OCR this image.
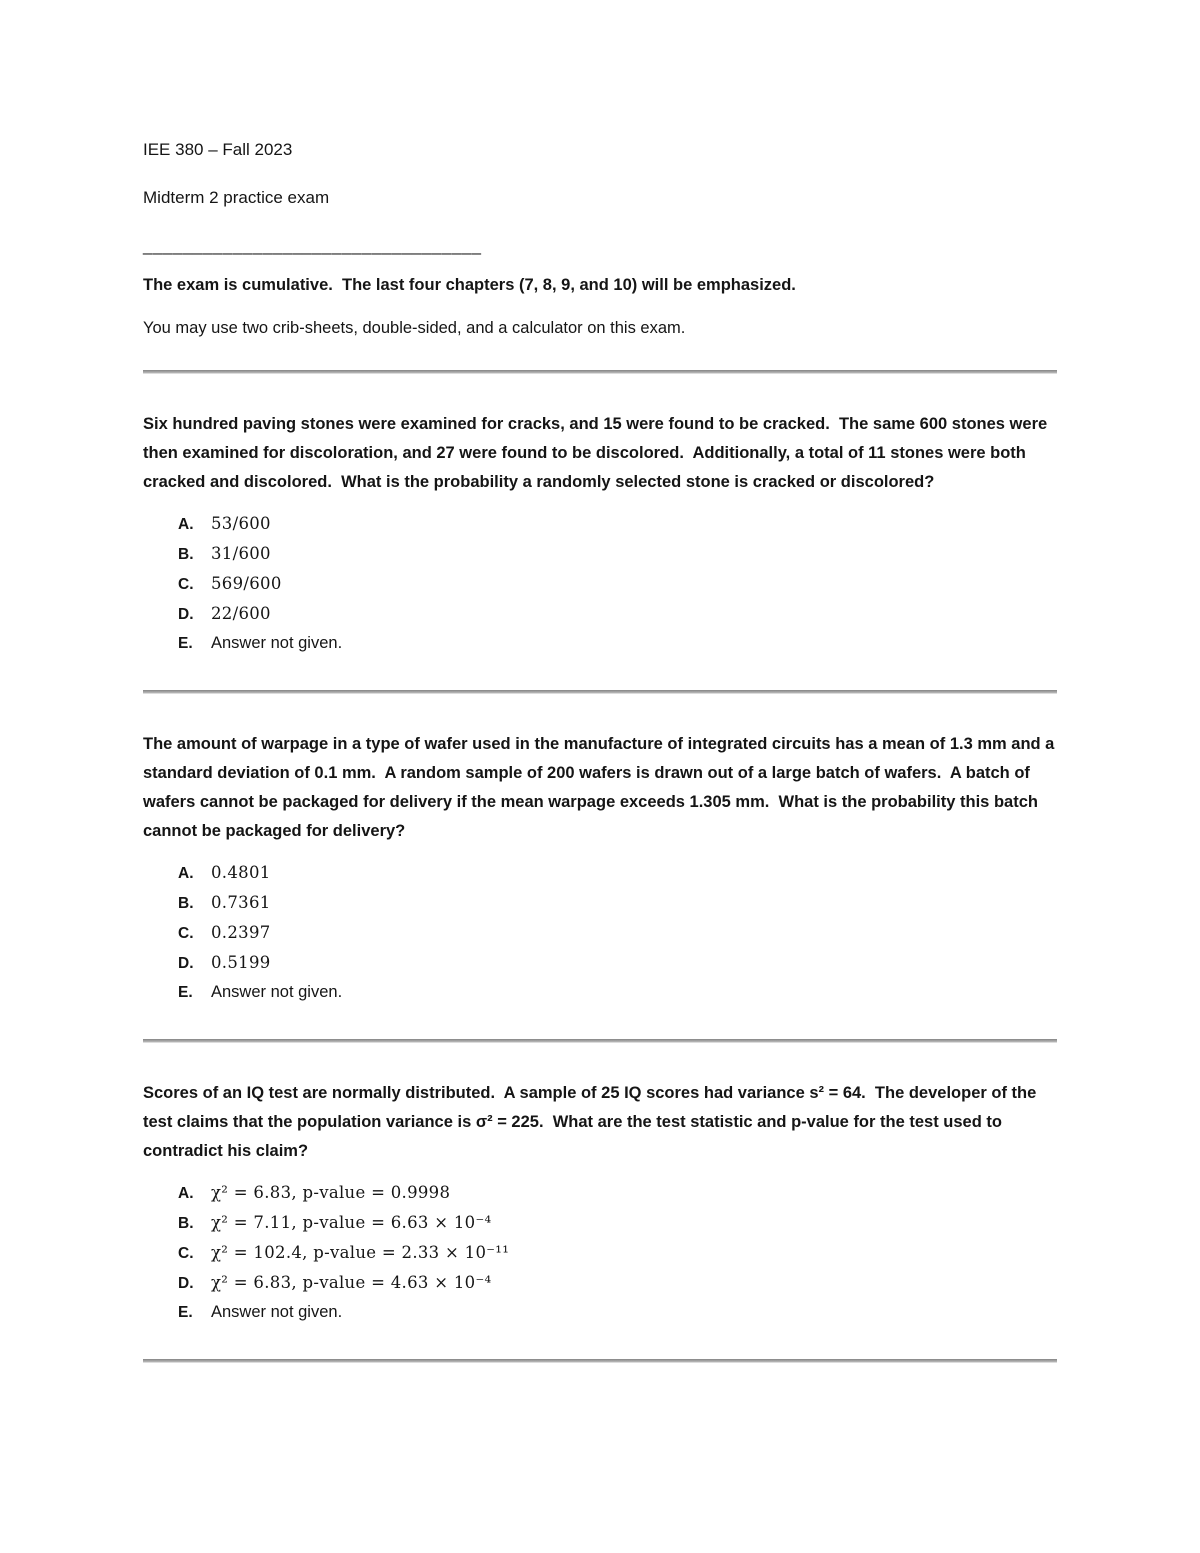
IEE 380 – Fall 2023

Midterm 2 practice exam

__________________________________

The exam is cumulative.  The last four chapters (7, 8, 9, and 10) will be emphasized.

You may use two crib-sheets, double-sided, and a calculator on this exam.

Six hundred paving stones were examined for cracks, and 15 were found to be cracked.  The same 600 stones were then examined for discoloration, and 27 were found to be discolored.  Additionally, a total of 11 stones were both cracked and discolored.  What is the probability a randomly selected stone is cracked or discolored?

A.	53/600
B.	31/600
C.	569/600
D.	22/600
E.	Answer not given.

The amount of warpage in a type of wafer used in the manufacture of integrated circuits has a mean of 1.3 mm and a standard deviation of 0.1 mm.  A random sample of 200 wafers is drawn out of a large batch of wafers.  A batch of wafers cannot be packaged for delivery if the mean warpage exceeds 1.305 mm.  What is the probability this batch cannot be packaged for delivery?

A.	0.4801
B.	0.7361
C.	0.2397
D.	0.5199
E.	Answer not given.

Scores of an IQ test are normally distributed.  A sample of 25 IQ scores had variance s² = 64.  The developer of the test claims that the population variance is σ² = 225.  What are the test statistic and p-value for the test used to contradict his claim?

A.	χ² = 6.83, p-value = 0.9998
B.	χ² = 7.11, p-value = 6.63 × 10⁻⁴
C.	χ² = 102.4, p-value = 2.33 × 10⁻¹¹
D.	χ² = 6.83, p-value = 4.63 × 10⁻⁴
E.	Answer not given.
